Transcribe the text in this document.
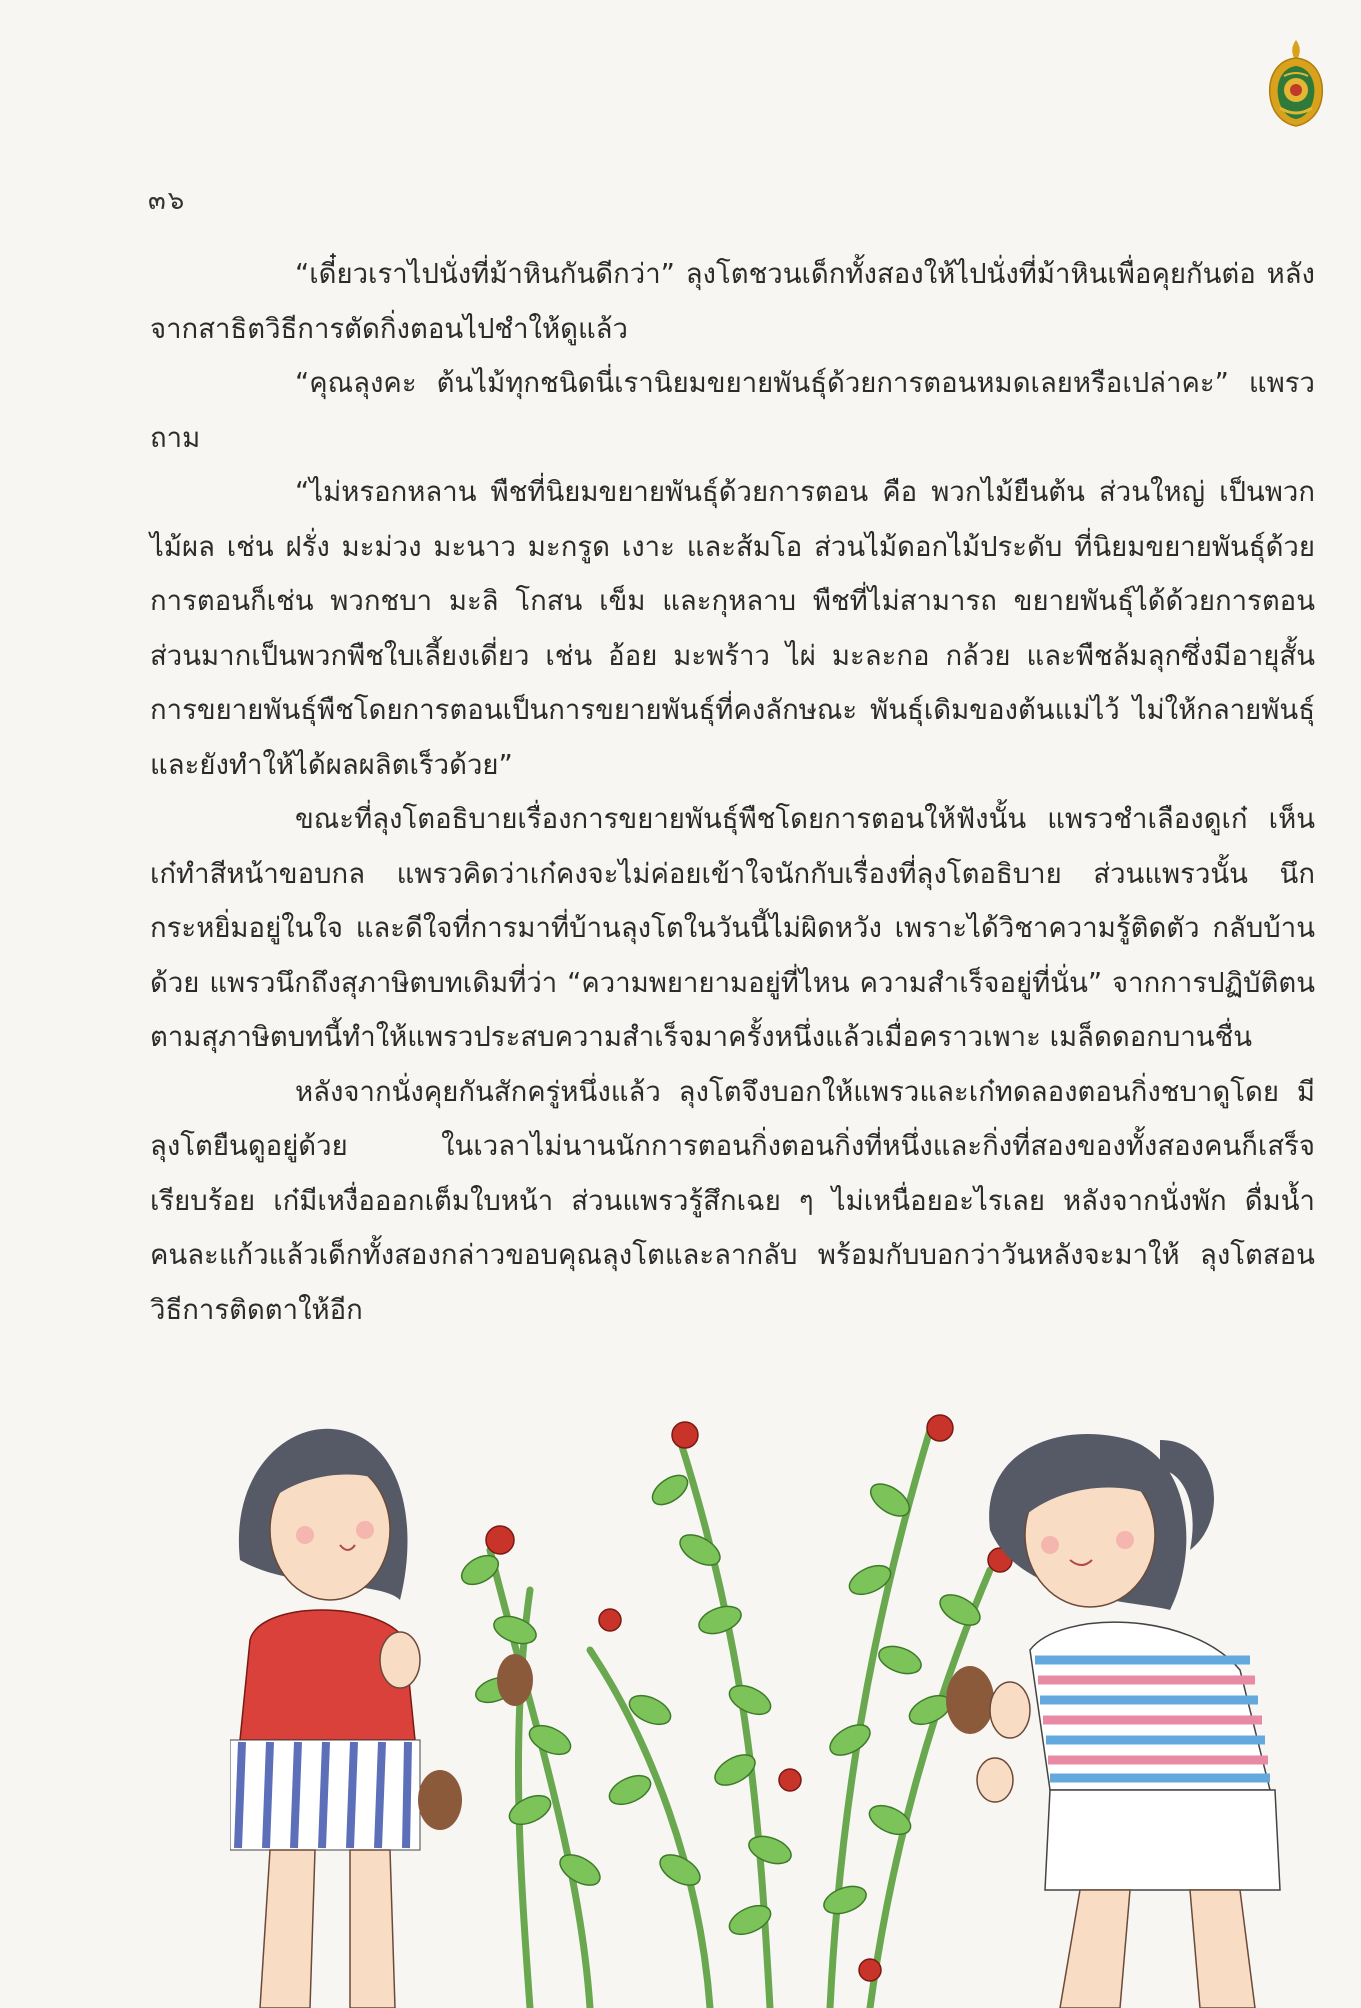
๓๖

“เดี๋ยวเราไปนั่งที่ม้าหินกันดีกว่า” ลุงโตชวนเด็กทั้งสองให้ไปนั่งที่ม้าหินเพื่อคุยกันต่อ หลังจากสาธิตวิธีการตัดกิ่งตอนไปชำให้ดูแล้ว

“คุณลุงคะ ต้นไม้ทุกชนิดนี่เรานิยมขยายพันธุ์ด้วยการตอนหมดเลยหรือเปล่าคะ” แพรวถาม

“ไม่หรอกหลาน พืชที่นิยมขยายพันธุ์ด้วยการตอน คือ พวกไม้ยืนต้น ส่วนใหญ่ เป็นพวกไม้ผล เช่น ฝรั่ง มะม่วง มะนาว มะกรูด เงาะ และส้มโอ ส่วนไม้ดอกไม้ประดับ ที่นิยมขยายพันธุ์ด้วยการตอนก็เช่น พวกชบา มะลิ โกสน เข็ม และกุหลาบ พืชที่ไม่สามารถ ขยายพันธุ์ได้ด้วยการตอน ส่วนมากเป็นพวกพืชใบเลี้ยงเดี่ยว เช่น อ้อย มะพร้าว ไผ่ มะละกอ กล้วย และพืชล้มลุกซึ่งมีอายุสั้น การขยายพันธุ์พืชโดยการตอนเป็นการขยายพันธุ์ที่คงลักษณะ พันธุ์เดิมของต้นแม่ไว้ ไม่ให้กลายพันธุ์ และยังทำให้ได้ผลผลิตเร็วด้วย”

ขณะที่ลุงโตอธิบายเรื่องการขยายพันธุ์พืชโดยการตอนให้ฟังนั้น แพรวชำเลืองดูเก๋ เห็นเก๋ทำสีหน้าขอบกล แพรวคิดว่าเก๋คงจะไม่ค่อยเข้าใจนักกับเรื่องที่ลุงโตอธิบาย ส่วนแพรวนั้น นึกกระหยิ่มอยู่ในใจ และดีใจที่การมาที่บ้านลุงโตในวันนี้ไม่ผิดหวัง เพราะได้วิชาความรู้ติดตัว กลับบ้านด้วย แพรวนึกถึงสุภาษิตบทเดิมที่ว่า “ความพยายามอยู่ที่ไหน ความสำเร็จอยู่ที่นั่น” จากการปฏิบัติตนตามสุภาษิตบทนี้ทำให้แพรวประสบความสำเร็จมาครั้งหนึ่งแล้วเมื่อคราวเพาะ เมล็ดดอกบานชื่น

หลังจากนั่งคุยกันสักครู่หนึ่งแล้ว ลุงโตจึงบอกให้แพรวและเก๋ทดลองตอนกิ่งชบาดูโดย มีลุงโตยืนดูอยู่ด้วย ในเวลาไม่นานนักการตอนกิ่งตอนกิ่งที่หนึ่งและกิ่งที่สองของทั้งสองคนก็เสร็จ เรียบร้อย เก๋มีเหงื่อออกเต็มใบหน้า ส่วนแพรวรู้สึกเฉย ๆ ไม่เหนื่อยอะไรเลย หลังจากนั่งพัก ดื่มน้ำคนละแก้วแล้วเด็กทั้งสองกล่าวขอบคุณลุงโตและลากลับ พร้อมกับบอกว่าวันหลังจะมาให้ ลุงโตสอนวิธีการติดตาให้อีก
